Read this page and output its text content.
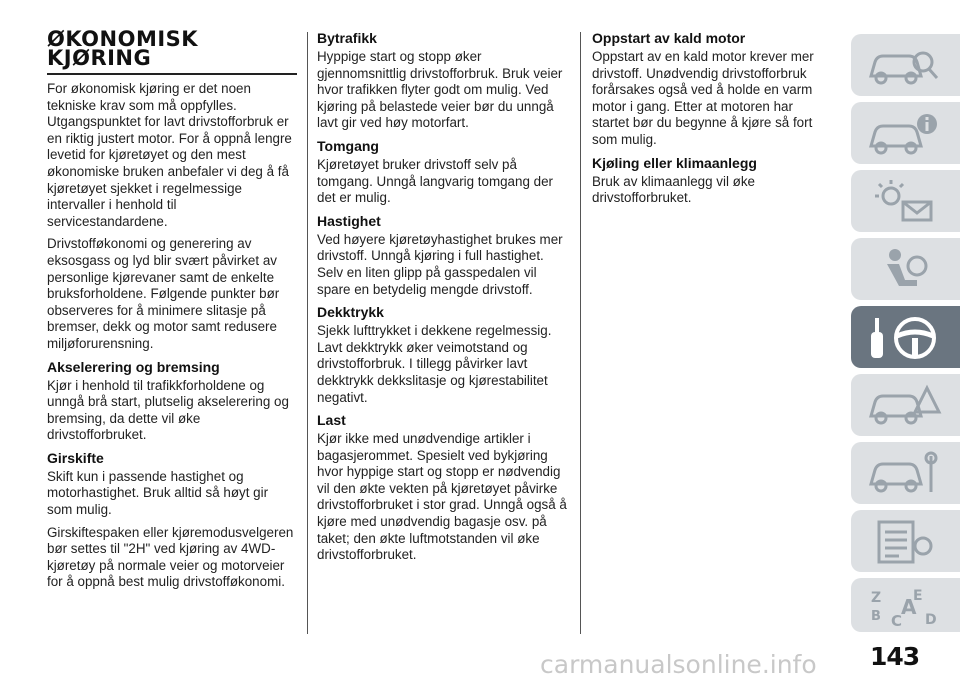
ØKONOMISK
KJØRING

For økonomisk kjøring er det noen tekniske krav som må oppfylles. Utgangspunktet for lavt drivstofforbruk er en riktig justert motor. For å oppnå lengre levetid for kjøretøyet og den mest økonomiske bruken anbefaler vi deg å få kjøretøyet sjekket i regelmessige intervaller i henhold til servicestandardene.

Drivstofføkonomi og generering av eksosgass og lyd blir svært påvirket av personlige kjørevaner samt de enkelte bruksforholdene. Følgende punkter bør observeres for å minimere slitasje på bremser, dekk og motor samt redusere miljøforurensning.

Akselerering og bremsing

Kjør i henhold til trafikkforholdene og unngå brå start, plutselig akselerering og bremsing, da dette vil øke drivstofforbruket.

Girskifte

Skift kun i passende hastighet og motorhastighet. Bruk alltid så høyt gir som mulig.

Girskiftespaken eller kjøremodusvelgeren bør settes til "2H" ved kjøring av 4WD-kjøretøy på normale veier og motorveier for å oppnå best mulig drivstofføkonomi.

Bytrafikk

Hyppige start og stopp øker gjennomsnittlig drivstofforbruk. Bruk veier hvor trafikken flyter godt om mulig. Ved kjøring på belastede veier bør du unngå lavt gir ved høy motorfart.

Tomgang

Kjøretøyet bruker drivstoff selv på tomgang. Unngå langvarig tomgang der det er mulig.

Hastighet

Ved høyere kjøretøyhastighet brukes mer drivstoff. Unngå kjøring i full hastighet. Selv en liten glipp på gasspedalen vil spare en betydelig mengde drivstoff.

Dekktrykk

Sjekk lufttrykket i dekkene regelmessig. Lavt dekktrykk øker veimotstand og drivstofforbruk. I tillegg påvirker lavt dekktrykk dekkslitasje og kjørestabilitet negativt.

Last

Kjør ikke med unødvendige artikler i bagasjerommet. Spesielt ved bykjøring hvor hyppige start og stopp er nødvendig vil den økte vekten på kjøretøyet påvirke drivstofforbruket i stor grad. Unngå også å kjøre med unødvendig bagasje osv. på taket; den økte luftmotstanden vil øke drivstofforbruket.

Oppstart av kald motor

Oppstart av en kald motor krever mer drivstoff. Unødvendig drivstofforbruk forårsakes også ved å holde en varm motor i gang. Etter at motoren har startet bør du begynne å kjøre så fort som mulig.

Kjøling eller klimaanlegg

Bruk av klimaanlegg vil øke drivstofforbruket.

Z E
B C
A
D
143
carmanualsonline.info
